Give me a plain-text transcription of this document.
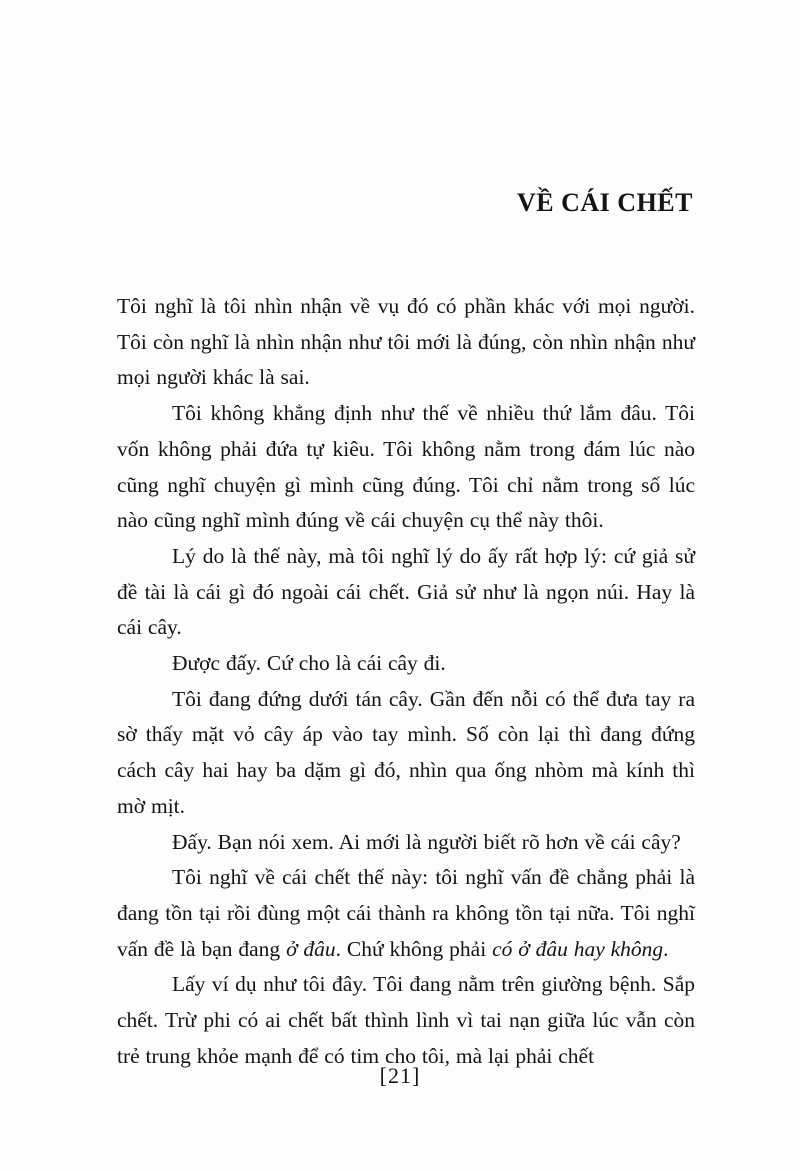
VỀ CÁI CHẾT

Tôi nghĩ là tôi nhìn nhận về vụ đó có phần khác với mọi người. Tôi còn nghĩ là nhìn nhận như tôi mới là đúng, còn nhìn nhận như mọi người khác là sai.

Tôi không khẳng định như thế về nhiều thứ lắm đâu. Tôi vốn không phải đứa tự kiêu. Tôi không nằm trong đám lúc nào cũng nghĩ chuyện gì mình cũng đúng. Tôi chỉ nằm trong số lúc nào cũng nghĩ mình đúng về cái chuyện cụ thể này thôi.

Lý do là thế này, mà tôi nghĩ lý do ấy rất hợp lý: cứ giả sử đề tài là cái gì đó ngoài cái chết. Giả sử như là ngọn núi. Hay là cái cây.

Được đấy. Cứ cho là cái cây đi.

Tôi đang đứng dưới tán cây. Gần đến nỗi có thể đưa tay ra sờ thấy mặt vỏ cây áp vào tay mình. Số còn lại thì đang đứng cách cây hai hay ba dặm gì đó, nhìn qua ống nhòm mà kính thì mờ mịt.

Đấy. Bạn nói xem. Ai mới là người biết rõ hơn về cái cây?

Tôi nghĩ về cái chết thế này: tôi nghĩ vấn đề chẳng phải là đang tồn tại rồi đùng một cái thành ra không tồn tại nữa. Tôi nghĩ vấn đề là bạn đang ở đâu. Chứ không phải có ở đâu hay không.

Lấy ví dụ như tôi đây. Tôi đang nằm trên giường bệnh. Sắp chết. Trừ phi có ai chết bất thình lình vì tai nạn giữa lúc vẫn còn trẻ trung khỏe mạnh để có tim cho tôi, mà lại phải chết

[21]
